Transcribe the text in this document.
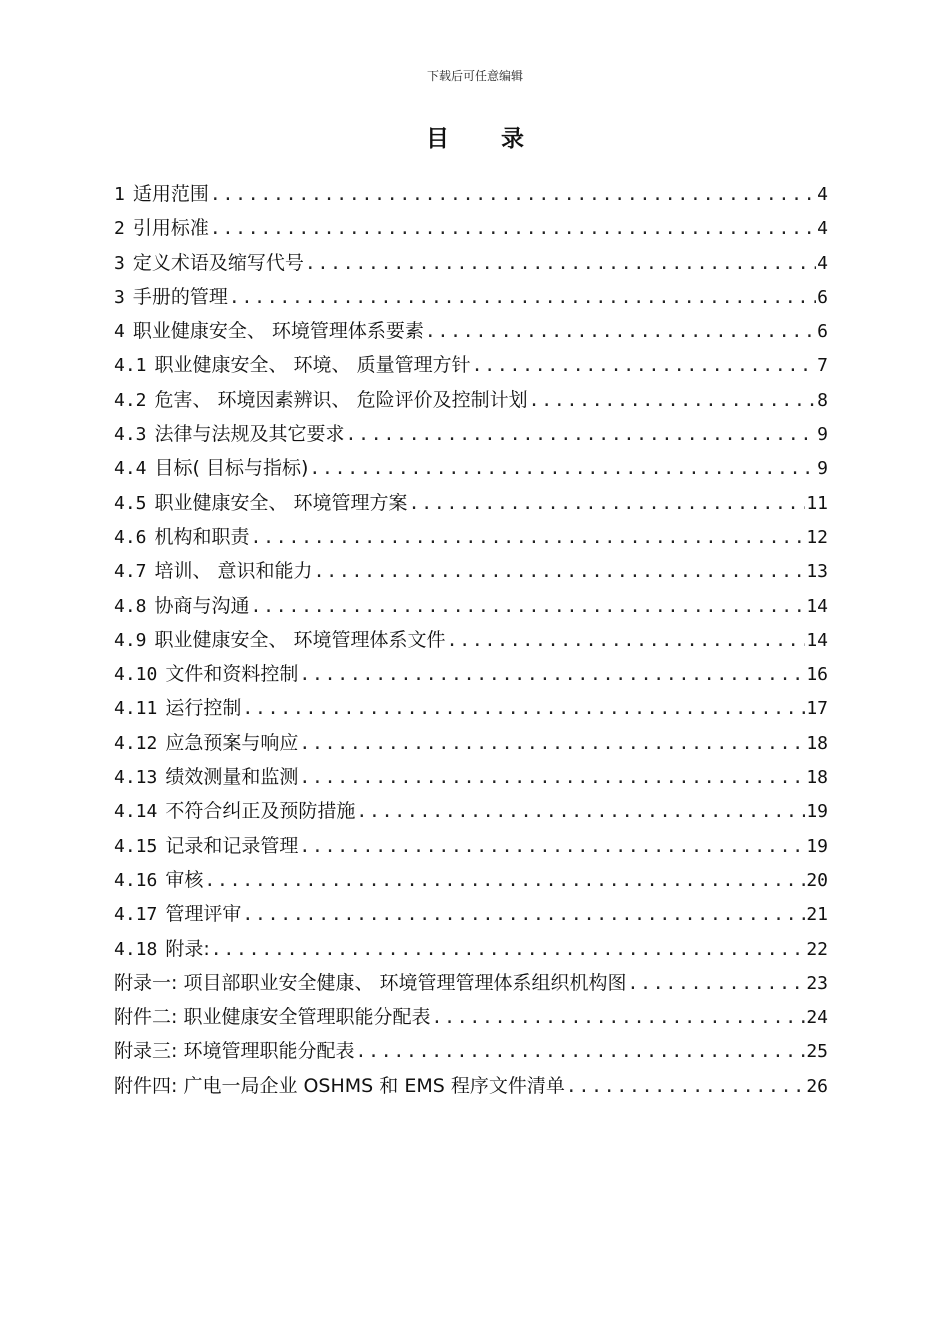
下载后可任意编辑
目 录
1 适用范围 .....	4
2 引用标准 .....	4
3 定义术语及缩写代号 .....	4
3 手册的管理 .....	6
4 职业健康安全、 环境管理体系要素 .....	6
4.1 职业健康安全、 环境、 质量管理方针 .....	7
4.2 危害、 环境因素辨识、 危险评价及控制计划 .....	8
4.3 法律与法规及其它要求 .....	9
4.4 目标( 目标与指标) .....	9
4.5 职业健康安全、 环境管理方案 .....	11
4.6 机构和职责 .....	12
4.7 培训、 意识和能力 .....	13
4.8 协商与沟通 .....	14
4.9 职业健康安全、 环境管理体系文件 .....	14
4.10 文件和资料控制 .....	16
4.11 运行控制 .....	17
4.12 应急预案与响应 .....	18
4.13 绩效测量和监测 .....	18
4.14 不符合纠正及预防措施 .....	19
4.15 记录和记录管理 .....	19
4.16 审核 .....	20
4.17 管理评审 .....	21
4.18 附录: .....	22
附录一: 项目部职业安全健康、 环境管理管理体系组织机构图 .....	23
附件二: 职业健康安全管理职能分配表 .....	24
附录三: 环境管理职能分配表 .....	25
附件四: 广电一局企业 OSHMS 和 EMS 程序文件清单 .....	26
